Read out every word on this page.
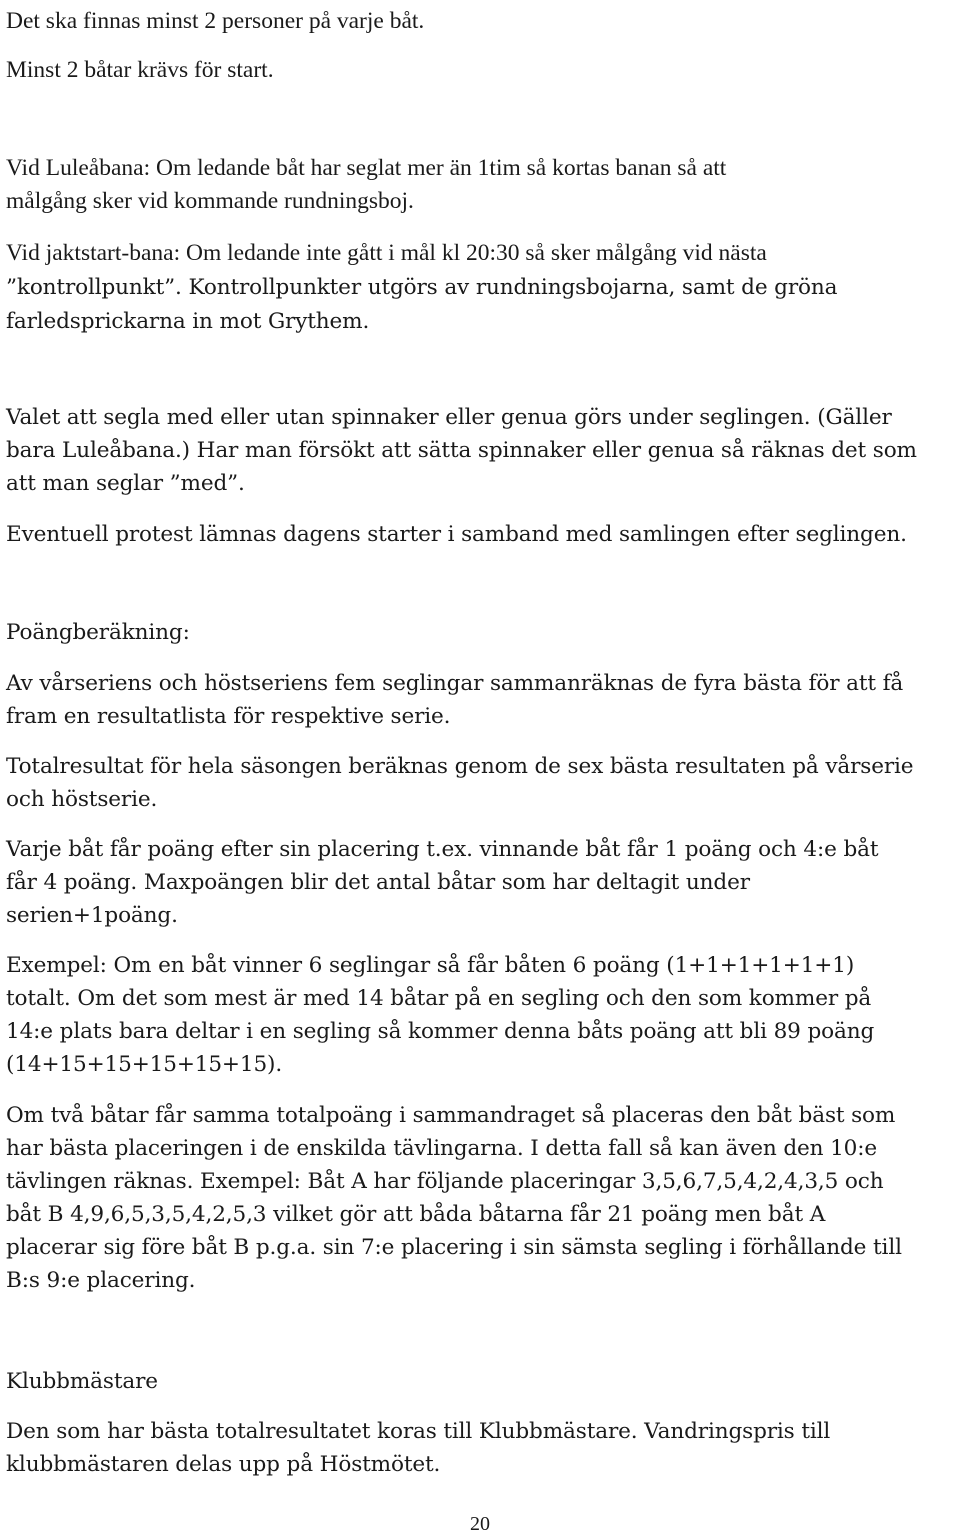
Det ska finnas minst 2 personer på varje båt.

Minst 2 båtar krävs för start.

Vid Luleåbana: Om ledande båt har seglat mer än 1tim så kortas banan så att
målgång sker vid kommande rundningsboj.

Vid jaktstart-bana: Om ledande inte gått i mål kl 20:30 så sker målgång vid nästa
”kontrollpunkt”. Kontrollpunkter utgörs av rundningsbojarna, samt de gröna
farledsprickarna in mot Grythem.

Valet att segla med eller utan spinnaker eller genua görs under seglingen. (Gäller
bara Luleåbana.) Har man försökt att sätta spinnaker eller genua så räknas det som
att man seglar ”med”.

Eventuell protest lämnas dagens starter i samband med samlingen efter seglingen.

Poängberäkning:

Av vårseriens och höstseriens fem seglingar sammanräknas de fyra bästa för att få
fram en resultatlista för respektive serie.

Totalresultat för hela säsongen beräknas genom de sex bästa resultaten på vårserie
och höstserie.

Varje båt får poäng efter sin placering t.ex. vinnande båt får 1 poäng och 4:e båt
får 4 poäng. Maxpoängen blir det antal båtar som har deltagit under
serien+1poäng.

Exempel: Om en båt vinner 6 seglingar så får båten 6 poäng (1+1+1+1+1+1)
totalt. Om det som mest är med 14 båtar på en segling och den som kommer på
14:e plats bara deltar i en segling så kommer denna båts poäng att bli 89 poäng
(14+15+15+15+15+15).

Om två båtar får samma totalpoäng i sammandraget så placeras den båt bäst som
har bästa placeringen i de enskilda tävlingarna. I detta fall så kan även den 10:e
tävlingen räknas. Exempel: Båt A har följande placeringar 3,5,6,7,5,4,2,4,3,5 och
båt B 4,9,6,5,3,5,4,2,5,3 vilket gör att båda båtarna får 21 poäng men båt A
placerar sig före båt B p.g.a. sin 7:e placering i sin sämsta segling i förhållande till
B:s 9:e placering.

Klubbmästare

Den som har bästa totalresultatet koras till Klubbmästare. Vandringspris till
klubbmästaren delas upp på Höstmötet.

20
